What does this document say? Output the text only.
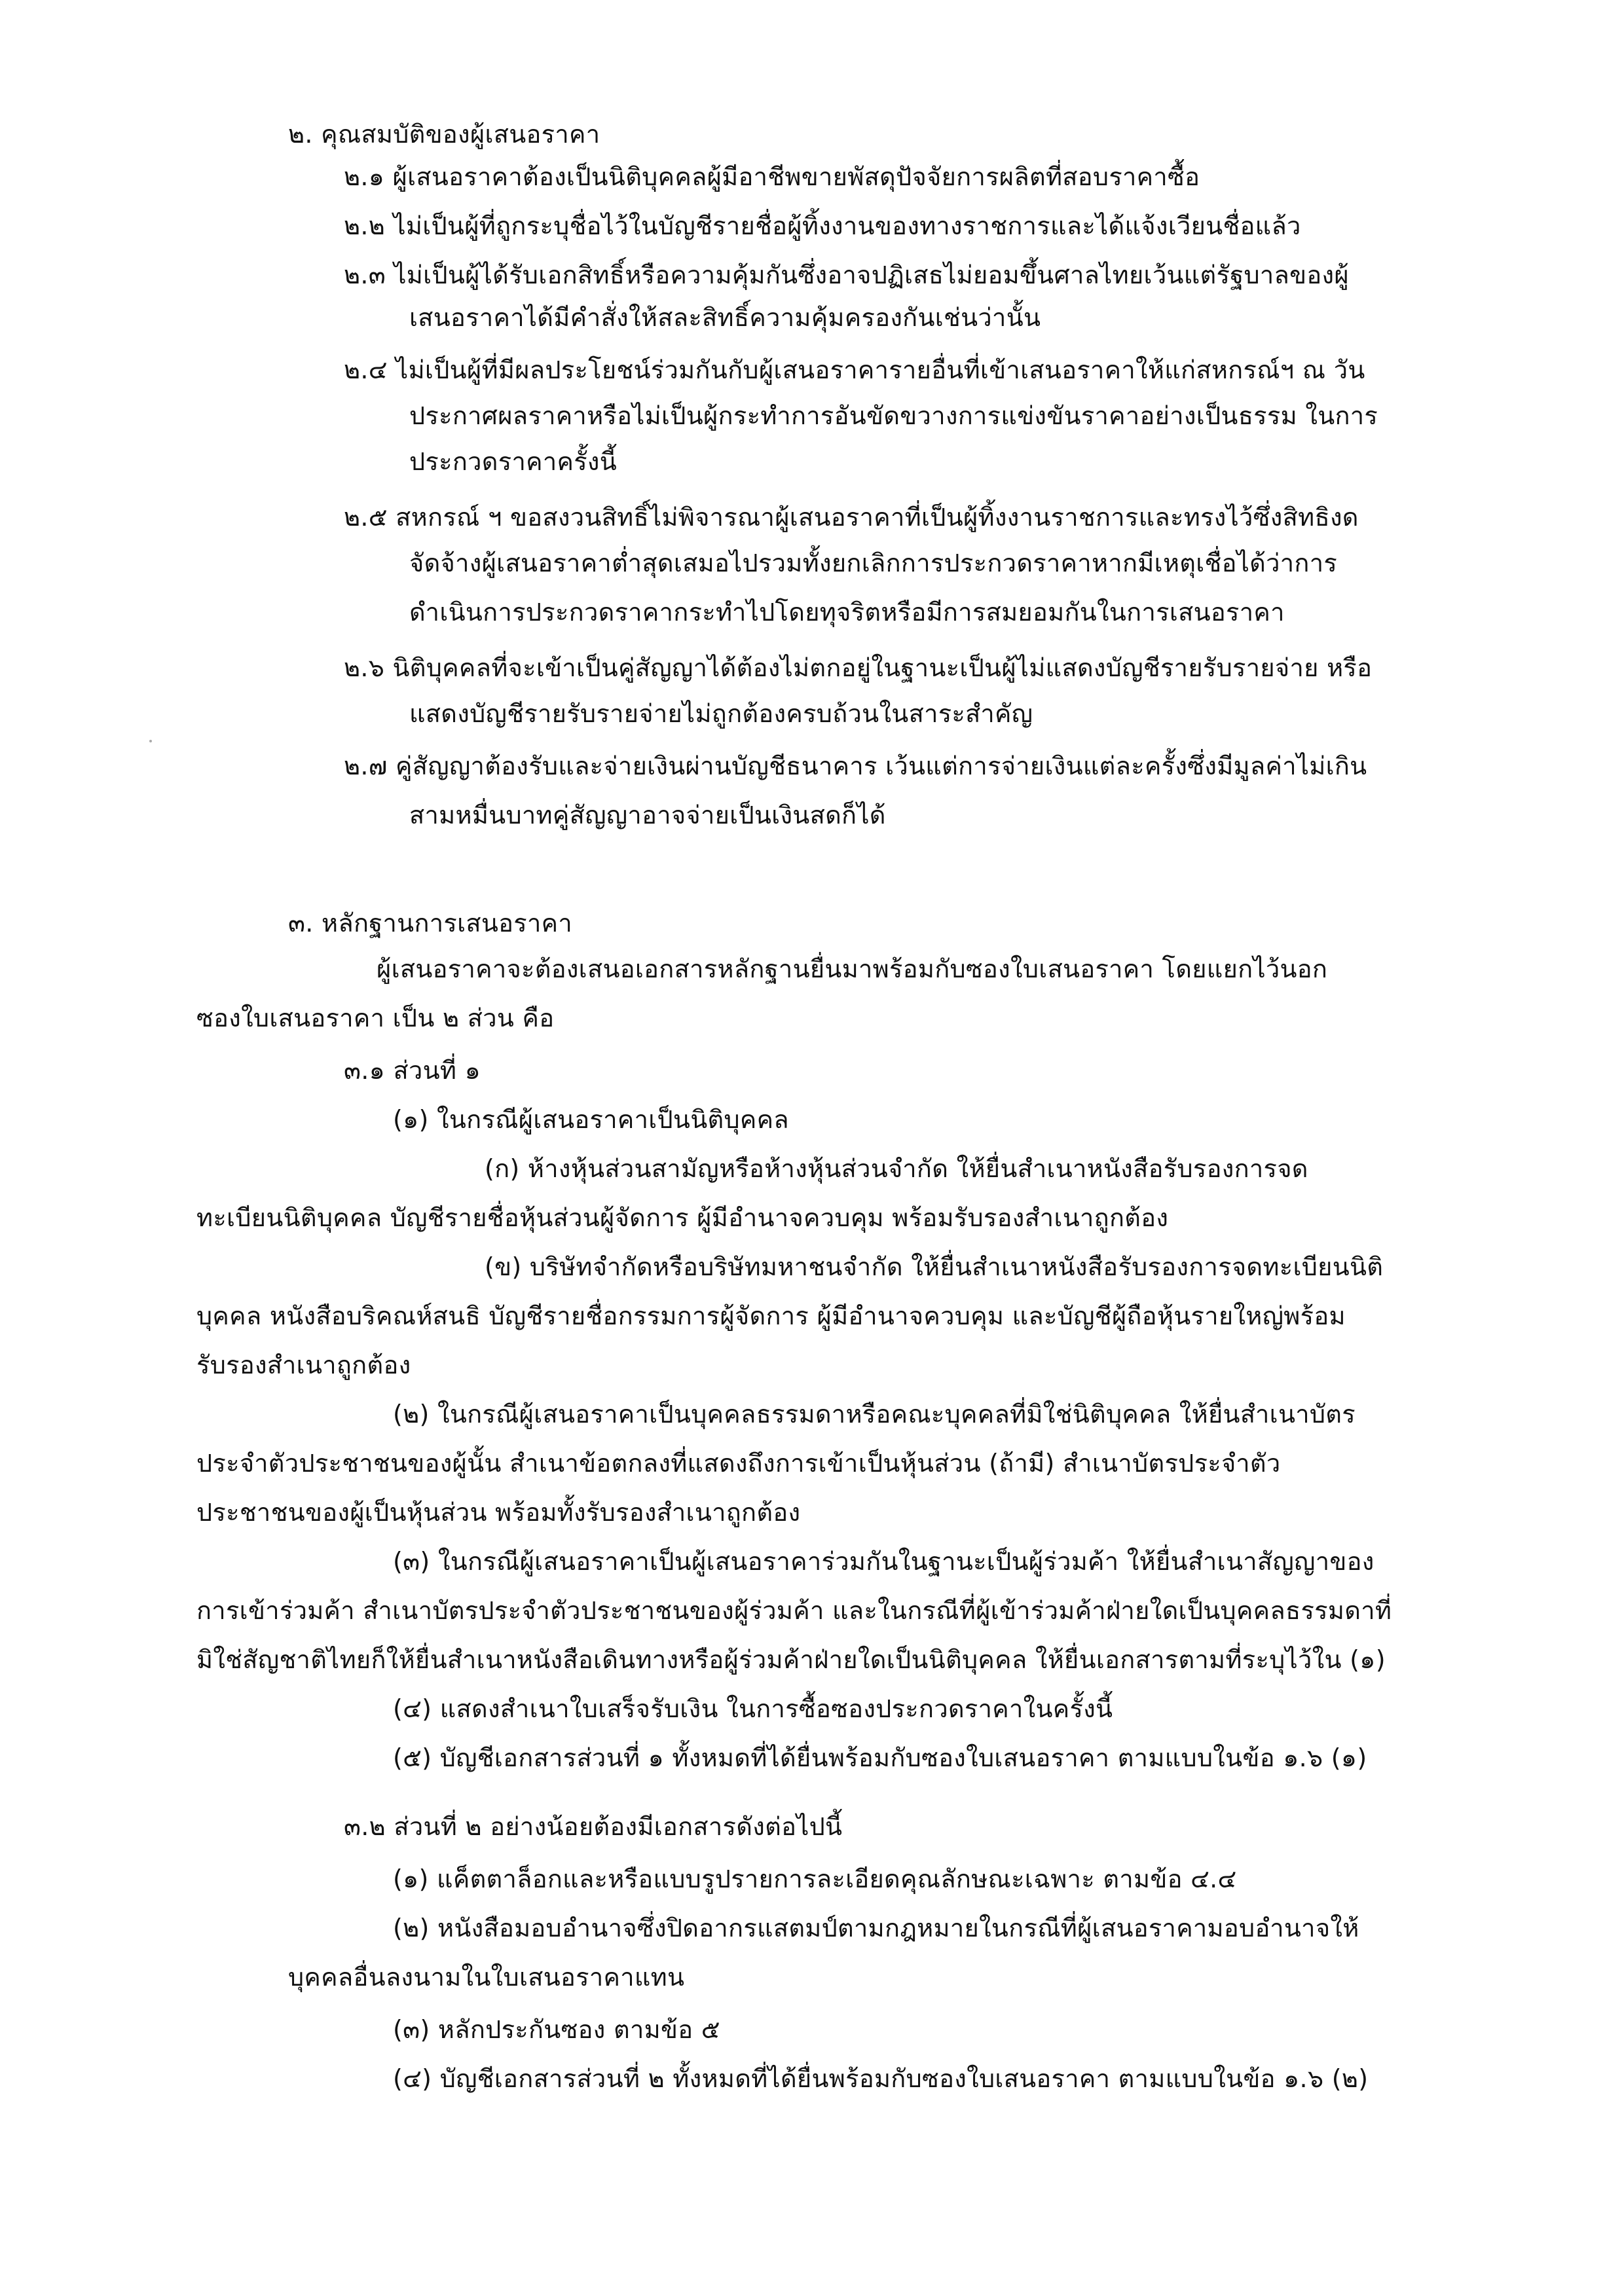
๒. คุณสมบัติของผู้เสนอราคา
๒.๑ ผู้เสนอราคาต้องเป็นนิติบุคคลผู้มีอาชีพขายพัสดุปัจจัยการผลิตที่สอบราคาซื้อ
๒.๒ ไม่เป็นผู้ที่ถูกระบุชื่อไว้ในบัญชีรายชื่อผู้ทิ้งงานของทางราชการและได้แจ้งเวียนชื่อแล้ว
๒.๓ ไม่เป็นผู้ได้รับเอกสิทธิ์หรือความคุ้มกันซึ่งอาจปฏิเสธไม่ยอมขึ้นศาลไทยเว้นแต่รัฐบาลของผู้
เสนอราคาได้มีคำสั่งให้สละสิทธิ์ความคุ้มครองกันเช่นว่านั้น
๒.๔ ไม่เป็นผู้ที่มีผลประโยชน์ร่วมกันกับผู้เสนอราคารายอื่นที่เข้าเสนอราคาให้แก่สหกรณ์ฯ ณ วัน
ประกาศผลราคาหรือไม่เป็นผู้กระทำการอันขัดขวางการแข่งขันราคาอย่างเป็นธรรม ในการ
ประกวดราคาครั้งนี้
๒.๕ สหกรณ์ ฯ ขอสงวนสิทธิ์ไม่พิจารณาผู้เสนอราคาที่เป็นผู้ทิ้งงานราชการและทรงไว้ซึ่งสิทธิงด
จัดจ้างผู้เสนอราคาต่ำสุดเสมอไปรวมทั้งยกเลิกการประกวดราคาหากมีเหตุเชื่อได้ว่าการ
ดำเนินการประกวดราคากระทำไปโดยทุจริตหรือมีการสมยอมกันในการเสนอราคา
๒.๖ นิติบุคคลที่จะเข้าเป็นคู่สัญญาได้ต้องไม่ตกอยู่ในฐานะเป็นผู้ไม่แสดงบัญชีรายรับรายจ่าย หรือ
แสดงบัญชีรายรับรายจ่ายไม่ถูกต้องครบถ้วนในสาระสำคัญ
๒.๗ คู่สัญญาต้องรับและจ่ายเงินผ่านบัญชีธนาคาร เว้นแต่การจ่ายเงินแต่ละครั้งซึ่งมีมูลค่าไม่เกิน
สามหมื่นบาทคู่สัญญาอาจจ่ายเป็นเงินสดก็ได้
๓. หลักฐานการเสนอราคา
ผู้เสนอราคาจะต้องเสนอเอกสารหลักฐานยื่นมาพร้อมกับซองใบเสนอราคา โดยแยกไว้นอก
ซองใบเสนอราคา เป็น ๒ ส่วน คือ
๓.๑ ส่วนที่ ๑
(๑) ในกรณีผู้เสนอราคาเป็นนิติบุคคล
(ก) ห้างหุ้นส่วนสามัญหรือห้างหุ้นส่วนจำกัด ให้ยื่นสำเนาหนังสือรับรองการจด
ทะเบียนนิติบุคคล บัญชีรายชื่อหุ้นส่วนผู้จัดการ ผู้มีอำนาจควบคุม พร้อมรับรองสำเนาถูกต้อง
(ข) บริษัทจำกัดหรือบริษัทมหาชนจำกัด ให้ยื่นสำเนาหนังสือรับรองการจดทะเบียนนิติ
บุคคล หนังสือบริคณห์สนธิ บัญชีรายชื่อกรรมการผู้จัดการ ผู้มีอำนาจควบคุม และบัญชีผู้ถือหุ้นรายใหญ่พร้อม
รับรองสำเนาถูกต้อง
(๒) ในกรณีผู้เสนอราคาเป็นบุคคลธรรมดาหรือคณะบุคคลที่มิใช่นิติบุคคล ให้ยื่นสำเนาบัตร
ประจำตัวประชาชนของผู้นั้น สำเนาข้อตกลงที่แสดงถึงการเข้าเป็นหุ้นส่วน (ถ้ามี) สำเนาบัตรประจำตัว
ประชาชนของผู้เป็นหุ้นส่วน พร้อมทั้งรับรองสำเนาถูกต้อง
(๓) ในกรณีผู้เสนอราคาเป็นผู้เสนอราคาร่วมกันในฐานะเป็นผู้ร่วมค้า ให้ยื่นสำเนาสัญญาของ
การเข้าร่วมค้า สำเนาบัตรประจำตัวประชาชนของผู้ร่วมค้า และในกรณีที่ผู้เข้าร่วมค้าฝ่ายใดเป็นบุคคลธรรมดาที่
มิใช่สัญชาติไทยก็ให้ยื่นสำเนาหนังสือเดินทางหรือผู้ร่วมค้าฝ่ายใดเป็นนิติบุคคล ให้ยื่นเอกสารตามที่ระบุไว้ใน (๑)
(๔) แสดงสำเนาใบเสร็จรับเงิน ในการซื้อซองประกวดราคาในครั้งนี้
(๕) บัญชีเอกสารส่วนที่ ๑ ทั้งหมดที่ได้ยื่นพร้อมกับซองใบเสนอราคา ตามแบบในข้อ ๑.๖ (๑)
๓.๒ ส่วนที่ ๒ อย่างน้อยต้องมีเอกสารดังต่อไปนี้
(๑) แค็ตตาล็อกและหรือแบบรูปรายการละเอียดคุณลักษณะเฉพาะ ตามข้อ ๔.๔
(๒) หนังสือมอบอำนาจซึ่งปิดอากรแสตมป์ตามกฎหมายในกรณีที่ผู้เสนอราคามอบอำนาจให้
บุคคลอื่นลงนามในใบเสนอราคาแทน
(๓) หลักประกันซอง ตามข้อ ๕
(๔) บัญชีเอกสารส่วนที่ ๒ ทั้งหมดที่ได้ยื่นพร้อมกับซองใบเสนอราคา ตามแบบในข้อ ๑.๖ (๒)
